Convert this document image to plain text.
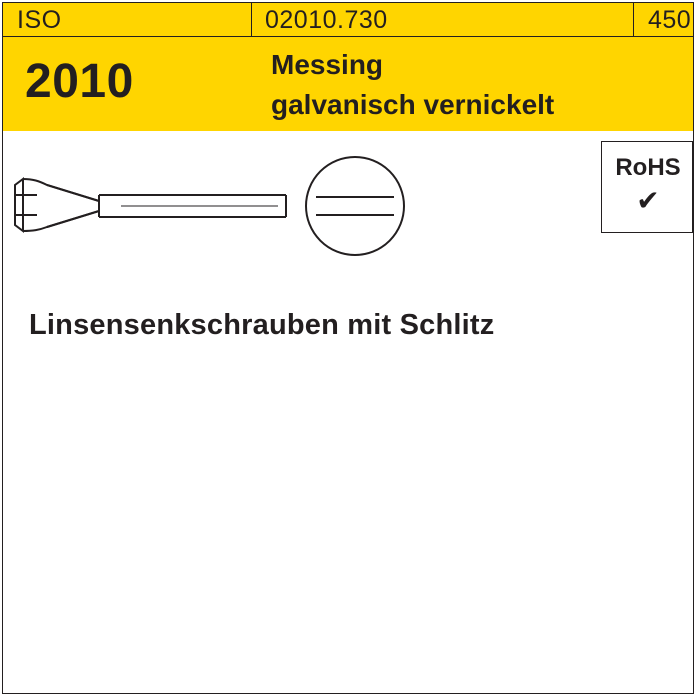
ISO	02010.730	450
2010	Messing
galvanisch vernickelt
RoHS
✔
Linsensenkschrauben mit Schlitz
